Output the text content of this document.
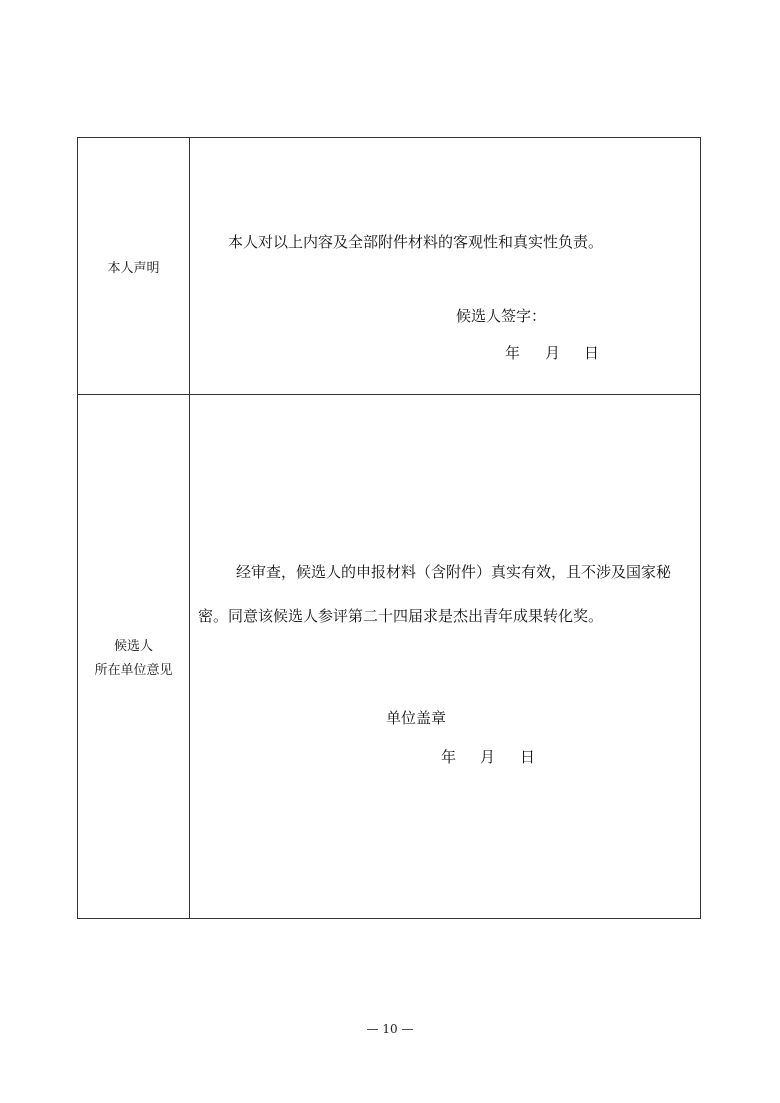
本人声明
本人对以上内容及全部附件材料的客观性和真实性负责。
候选人签字：
年 月 日
候选人
所在单位意见
经审查，候选人的申报材料（含附件）真实有效，且不涉及国家秘
密。同意该候选人参评第二十四届求是杰出青年成果转化奖。
单位盖章
年 月 日
— 10 —
